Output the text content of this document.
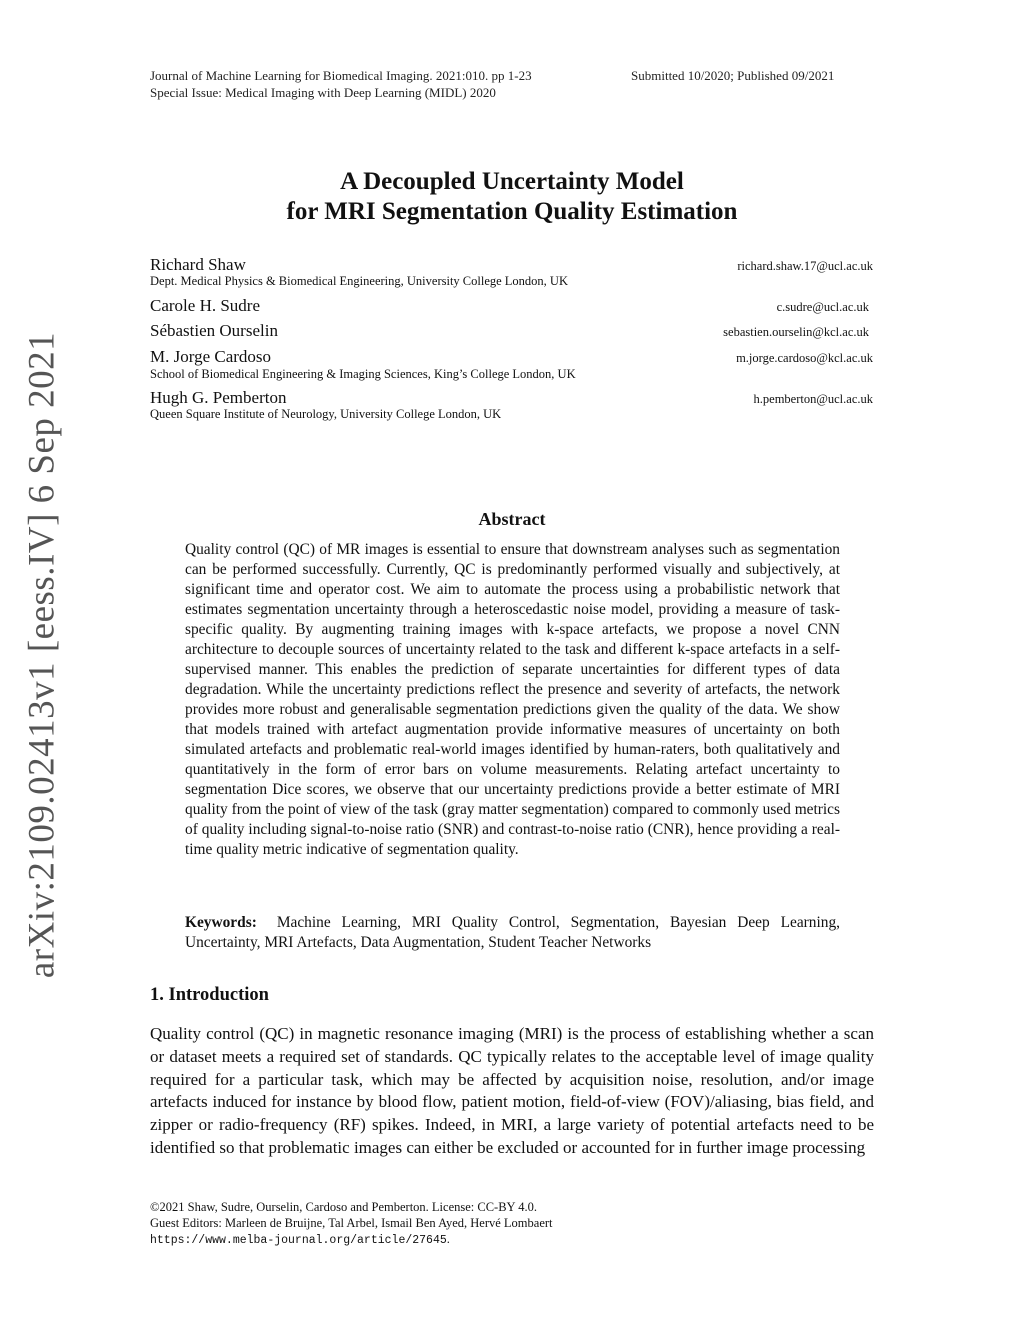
Journal of Machine Learning for Biomedical Imaging. 2021:010. pp 1-23	Submitted 10/2020; Published 09/2021
Special Issue: Medical Imaging with Deep Learning (MIDL) 2020
arXiv:2109.02413v1 [eess.IV] 6 Sep 2021
A Decoupled Uncertainty Model
for MRI Segmentation Quality Estimation
Richard Shaw	richard.shaw.17@ucl.ac.uk
Dept. Medical Physics & Biomedical Engineering, University College London, UK
Carole H. Sudre	c.sudre@ucl.ac.uk
Sébastien Ourselin	sebastien.ourselin@kcl.ac.uk
M. Jorge Cardoso	m.jorge.cardoso@kcl.ac.uk
School of Biomedical Engineering & Imaging Sciences, King’s College London, UK
Hugh G. Pemberton	h.pemberton@ucl.ac.uk
Queen Square Institute of Neurology, University College London, UK
Abstract
Quality control (QC) of MR images is essential to ensure that downstream analyses such as segmentation can be performed successfully. Currently, QC is predominantly performed visually and subjectively, at significant time and operator cost. We aim to automate the process using a probabilistic network that estimates segmentation uncertainty through a heteroscedastic noise model, providing a measure of task-specific quality. By augmenting training images with k-space artefacts, we propose a novel CNN architecture to decouple sources of uncertainty related to the task and different k-space artefacts in a self-supervised manner. This enables the prediction of separate uncertainties for different types of data degradation. While the uncertainty predictions reflect the presence and severity of artefacts, the network provides more robust and generalisable segmentation predictions given the quality of the data. We show that models trained with artefact augmentation provide informative measures of uncertainty on both simulated artefacts and problematic real-world images identified by human-raters, both qualitatively and quantitatively in the form of error bars on volume measurements. Relating artefact uncertainty to segmentation Dice scores, we observe that our uncertainty predictions provide a better estimate of MRI quality from the point of view of the task (gray matter segmentation) compared to commonly used metrics of quality including signal-to-noise ratio (SNR) and contrast-to-noise ratio (CNR), hence providing a real-time quality metric indicative of segmentation quality.
Keywords: Machine Learning, MRI Quality Control, Segmentation, Bayesian Deep Learning, Uncertainty, MRI Artefacts, Data Augmentation, Student Teacher Networks
1. Introduction
Quality control (QC) in magnetic resonance imaging (MRI) is the process of establishing whether a scan or dataset meets a required set of standards. QC typically relates to the acceptable level of image quality required for a particular task, which may be affected by acquisition noise, resolution, and/or image artefacts induced for instance by blood flow, patient motion, field-of-view (FOV)/aliasing, bias field, and zipper or radio-frequency (RF) spikes. Indeed, in MRI, a large variety of potential artefacts need to be identified so that problematic images can either be excluded or accounted for in further image processing
©2021 Shaw, Sudre, Ourselin, Cardoso and Pemberton. License: CC-BY 4.0.
Guest Editors: Marleen de Bruijne, Tal Arbel, Ismail Ben Ayed, Hervé Lombaert
https://www.melba-journal.org/article/27645.
